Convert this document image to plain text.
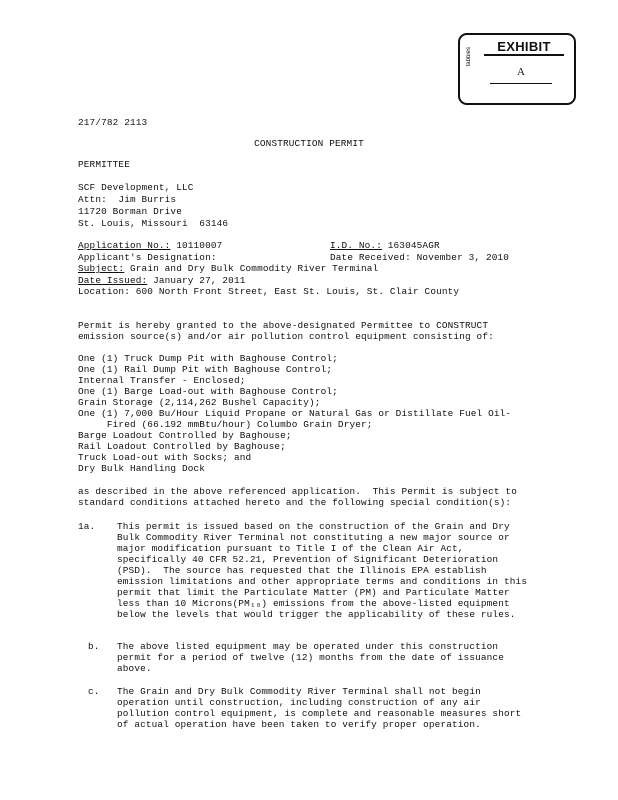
tabbies
EXHIBIT
A
217/782 2113
CONSTRUCTION PERMIT
PERMITTEE
SCF Development, LLC
Attn:  Jim Burris
11720 Borman Drive
St. Louis, Missouri  63146
Application No.: 10110007	I.D. No.: 163045AGR
Applicant's Designation:	Date Received: November 3, 2010
Subject: Grain and Dry Bulk Commodity River Terminal
Date Issued: January 27, 2011
Location: 600 North Front Street, East St. Louis, St. Clair County
Permit is hereby granted to the above-designated Permittee to CONSTRUCT
emission source(s) and/or air pollution control equipment consisting of:
One (1) Truck Dump Pit with Baghouse Control;
One (1) Rail Dump Pit with Baghouse Control;
Internal Transfer - Enclosed;
One (1) Barge Load-out with Baghouse Control;
Grain Storage (2,114,262 Bushel Capacity);
One (1) 7,000 Bu/Hour Liquid Propane or Natural Gas or Distillate Fuel Oil-
Fired (66.192 mmBtu/hour) Columbo Grain Dryer;
Barge Loadout Controlled by Baghouse;
Rail Loadout Controlled by Baghouse;
Truck Load-out with Socks; and
Dry Bulk Handling Dock
as described in the above referenced application.  This Permit is subject to
standard conditions attached hereto and the following special condition(s):
1a. This permit is issued based on the construction of the Grain and Dry
Bulk Commodity River Terminal not constituting a new major source or
major modification pursuant to Title I of the Clean Air Act,
specifically 40 CFR 52.21, Prevention of Significant Deterioration
(PSD).  The source has requested that the Illinois EPA establish
emission limitations and other appropriate terms and conditions in this
permit that limit the Particulate Matter (PM) and Particulate Matter
less than 10 Microns(PM₁₀) emissions from the above-listed equipment
below the levels that would trigger the applicability of these rules.
b. The above listed equipment may be operated under this construction
permit for a period of twelve (12) months from the date of issuance
above.
c. The Grain and Dry Bulk Commodity River Terminal shall not begin
operation until construction, including construction of any air
pollution control equipment, is complete and reasonable measures short
of actual operation have been taken to verify proper operation.
